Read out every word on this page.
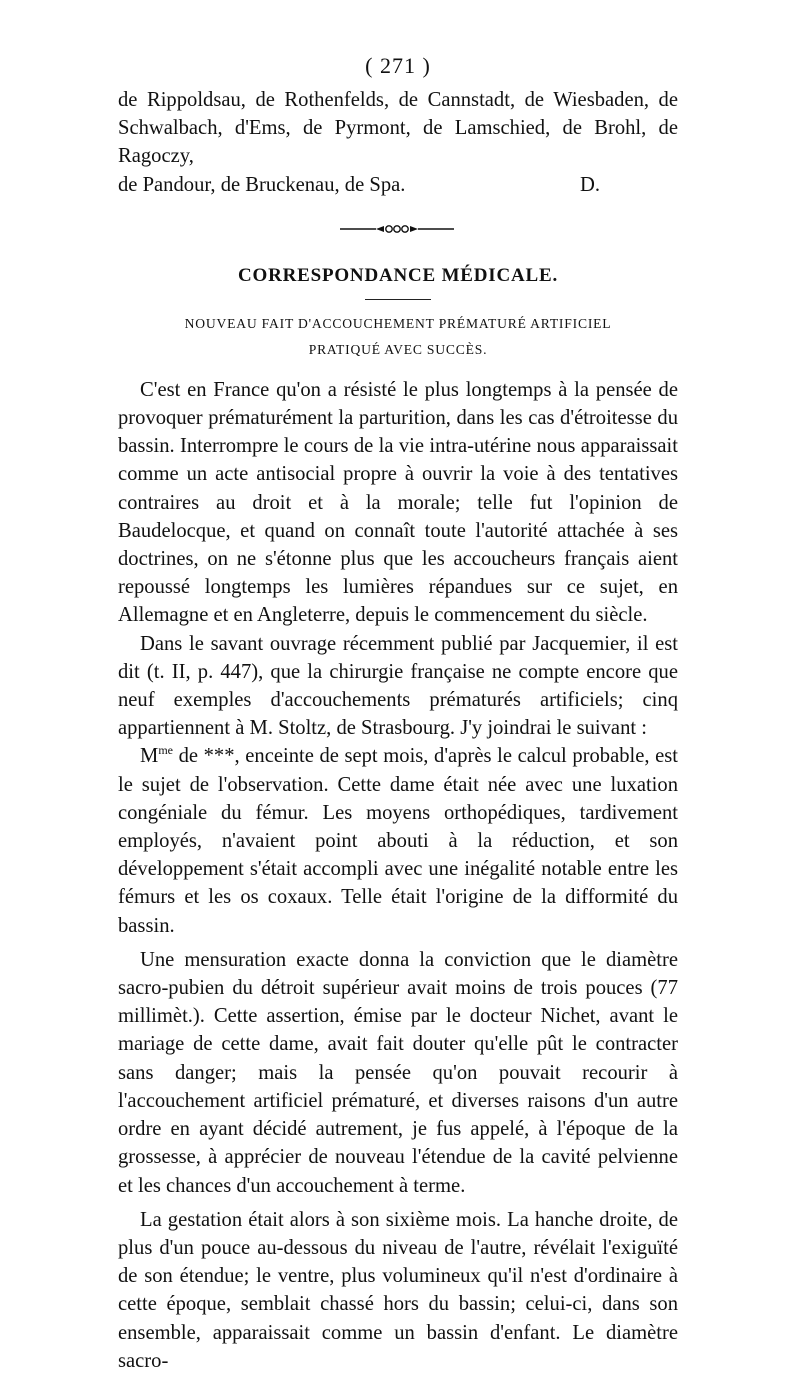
( 271 )
de Rippoldsau, de Rothenfelds, de Cannstadt, de Wiesbaden, de
Schwalbach, d'Ems, de Pyrmont, de Lamschied, de Brohl, de Ragoczy,
de Pandour, de Bruckenau, de Spa.	D.
CORRESPONDANCE MÉDICALE.
NOUVEAU FAIT D'ACCOUCHEMENT PRÉMATURÉ ARTIFICIEL
PRATIQUÉ AVEC SUCCÈS.

C'est en France qu'on a résisté le plus longtemps à la pensée de provoquer prématurément la parturition, dans les cas d'étroitesse du bassin. Interrompre le cours de la vie intra-utérine nous apparaissait comme un acte antisocial propre à ouvrir la voie à des tentatives contraires au droit et à la morale; telle fut l'opinion de Baudelocque, et quand on connaît toute l'autorité attachée à ses doctrines, on ne s'étonne plus que les accoucheurs français aient repoussé longtemps les lumières répandues sur ce sujet, en Allemagne et en Angleterre, depuis le commencement du siècle.

Dans le savant ouvrage récemment publié par Jacquemier, il est dit (t. II, p. 447), que la chirurgie française ne compte encore que neuf exemples d'accouchements prématurés artificiels; cinq appartiennent à M. Stoltz, de Strasbourg. J'y joindrai le suivant :

$M^{me}$ de ***, enceinte de sept mois, d'après le calcul probable, est le sujet de l'observation. Cette dame était née avec une luxation congéniale du fémur. Les moyens orthopédiques, tardivement employés, n'avaient point abouti à la réduction, et son développement s'était accompli avec une inégalité notable entre les fémurs et les os coxaux. Telle était l'origine de la difformité du bassin.

Une mensuration exacte donna la conviction que le diamètre sacro-pubien du détroit supérieur avait moins de trois pouces (77 millimèt.). Cette assertion, émise par le docteur Nichet, avant le mariage de cette dame, avait fait douter qu'elle pût le contracter sans danger; mais la pensée qu'on pouvait recourir à l'accouchement artificiel prématuré, et diverses raisons d'un autre ordre en ayant décidé autrement, je fus appelé, à l'époque de la grossesse, à apprécier de nouveau l'étendue de la cavité pelvienne et les chances d'un accouchement à terme.

La gestation était alors à son sixième mois. La hanche droite, de plus d'un pouce au-dessous du niveau de l'autre, révélait l'exiguïté de son étendue; le ventre, plus volumineux qu'il n'est d'ordinaire à cette époque, semblait chassé hors du bassin; celui-ci, dans son ensemble, apparaissait comme un bassin d'enfant. Le diamètre sacro-
